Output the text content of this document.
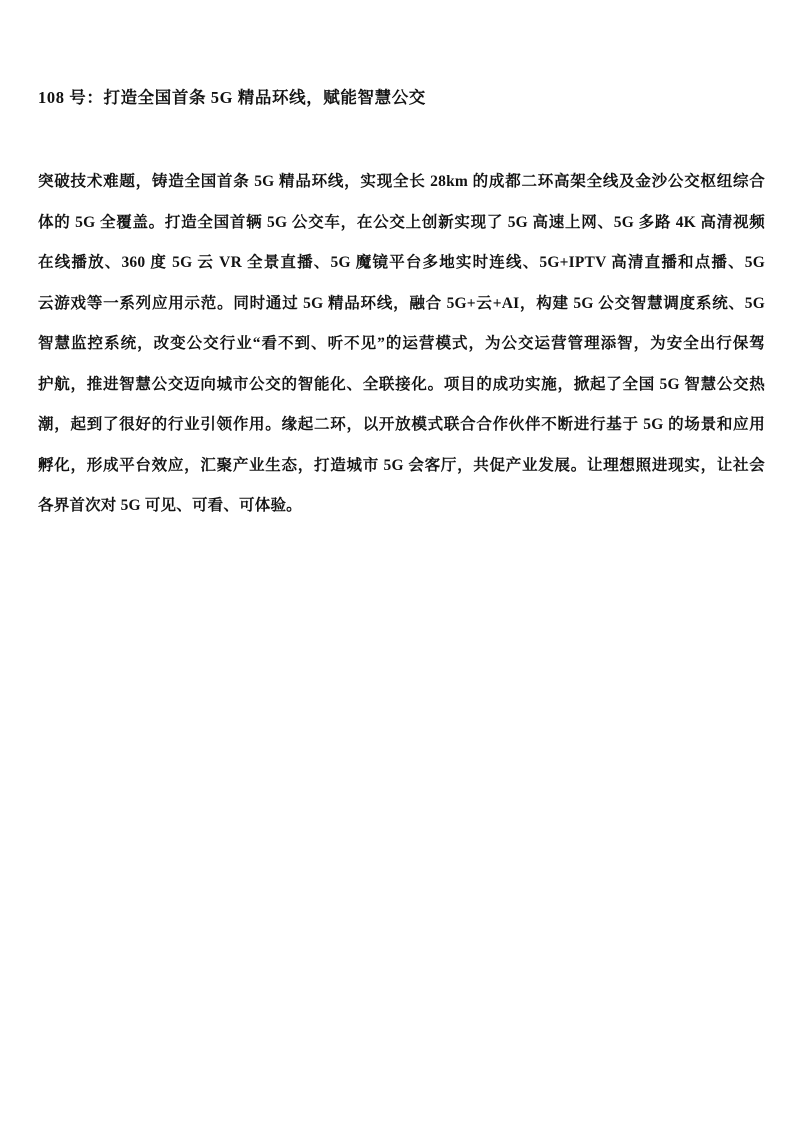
108 号：打造全国首条 5G 精品环线，赋能智慧公交

突破技术难题，铸造全国首条 5G 精品环线，实现全长 28km 的成都二环高架全线及金沙公交枢纽综合

体的 5G 全覆盖。打造全国首辆 5G 公交车，在公交上创新实现了 5G 高速上网、5G 多路 4K 高清视频

在线播放、360 度 5G 云 VR 全景直播、5G 魔镜平台多地实时连线、5G+IPTV 高清直播和点播、5G

云游戏等一系列应用示范。同时通过 5G 精品环线，融合 5G+云+AI，构建 5G 公交智慧调度系统、5G

智慧监控系统，改变公交行业“看不到、听不见”的运营模式，为公交运营管理添智，为安全出行保驾

护航，推进智慧公交迈向城市公交的智能化、全联接化。项目的成功实施，掀起了全国 5G 智慧公交热

潮，起到了很好的行业引领作用。缘起二环，以开放模式联合合作伙伴不断进行基于 5G 的场景和应用

孵化，形成平台效应，汇聚产业生态，打造城市 5G 会客厅，共促产业发展。让理想照进现实，让社会

各界首次对 5G 可见、可看、可体验。
